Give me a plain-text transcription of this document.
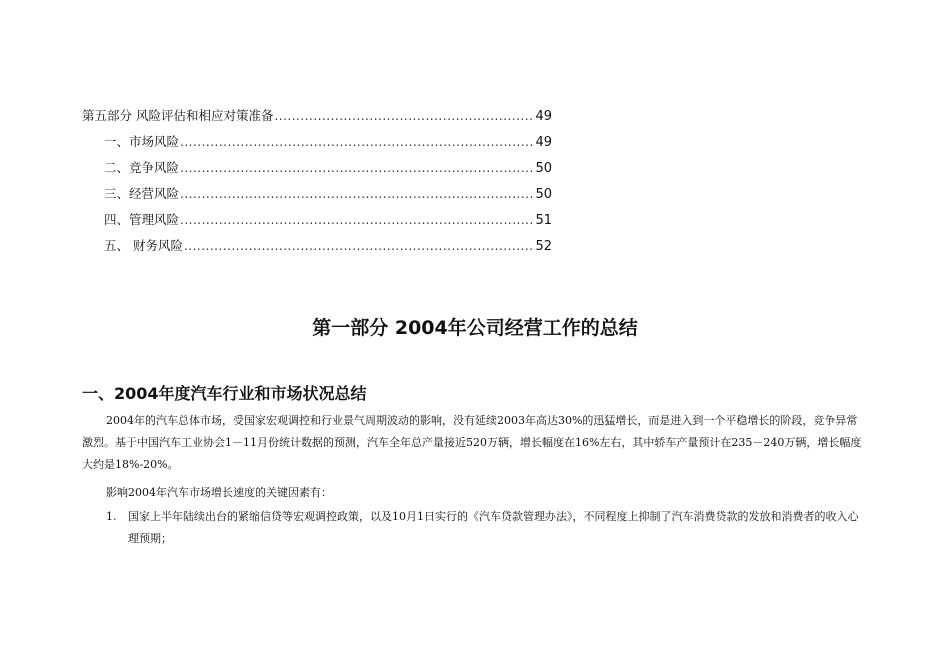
第五部分 风险评估和相应对策准备 .....	49
一、市场风险 .....	49
二、竞争风险 .....	50
三、经营风险 .....	50
四、管理风险 .....	51
五、 财务风险 .....	52
第一部分 2004年公司经营工作的总结
一、2004年度汽车行业和市场状况总结
2004年的汽车总体市场，受国家宏观调控和行业景气周期波动的影响，没有延续2003年高达30%的迅猛增长，而是进入到一个平稳增长的阶段，竞争异常激烈。基于中国汽车工业协会1－11月份统计数据的预测，汽车全年总产量接近520万辆，增长幅度在16%左右，其中轿车产量预计在235－240万辆，增长幅度大约是18%-20%。
影响2004年汽车市场增长速度的关键因素有：
1.	国家上半年陆续出台的紧缩信贷等宏观调控政策，以及10月1日实行的《汽车贷款管理办法》，不同程度上抑制了汽车消费贷款的发放和消费者的收入心理预期；
